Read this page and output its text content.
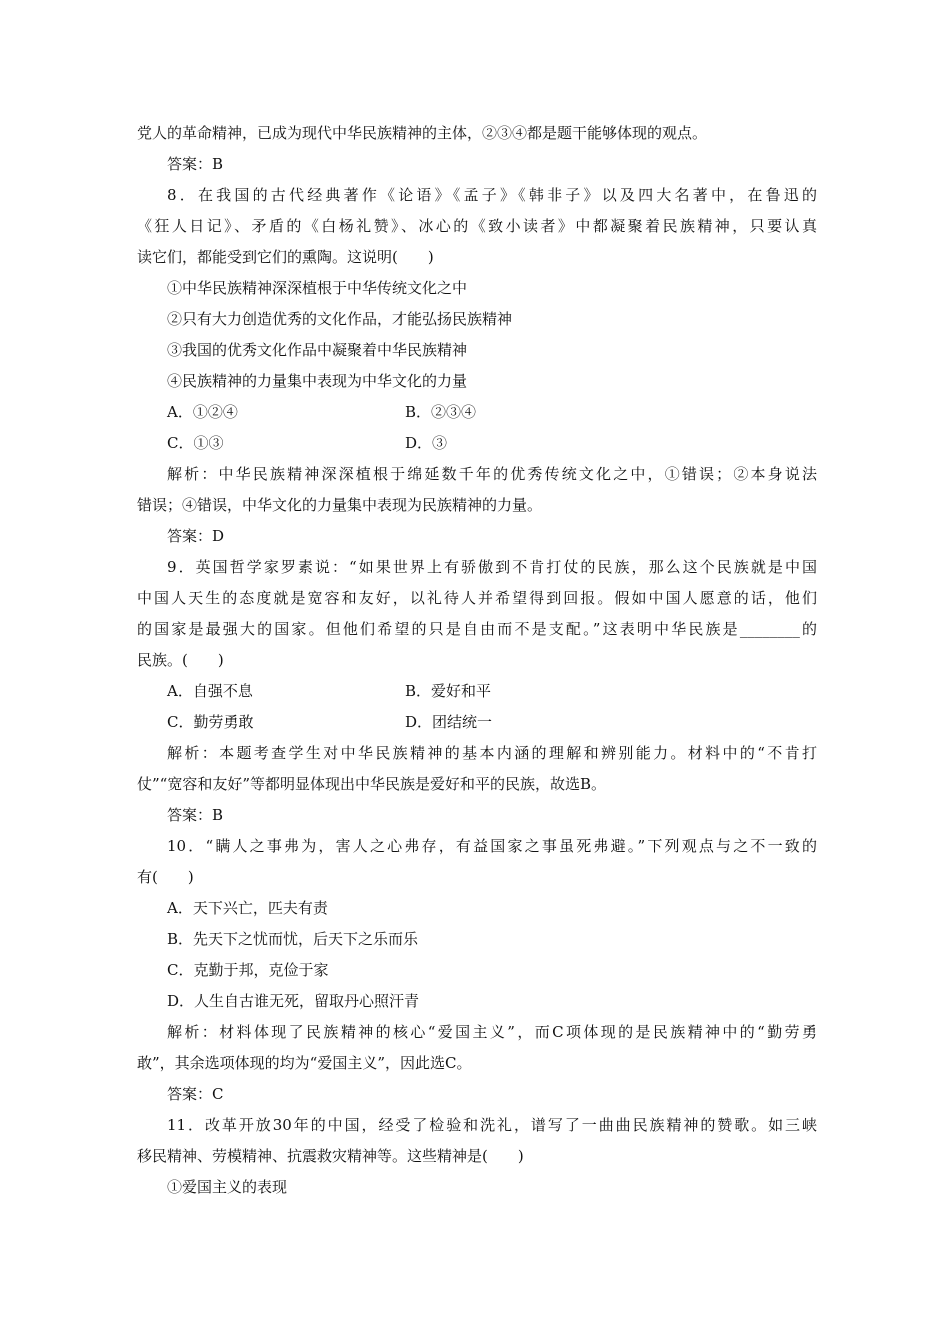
党人的革命精神，已成为现代中华民族精神的主体，②③④都是题干能够体现的观点。
答案：B
8．在我国的古代经典著作《论语》《孟子》《韩非子》以及四大名著中，在鲁迅的
《狂人日记》、矛盾的《白杨礼赞》、冰心的《致小读者》中都凝聚着民族精神，只要认真
读它们，都能受到它们的熏陶。这说明(　　)
①中华民族精神深深植根于中华传统文化之中
②只有大力创造优秀的文化作品，才能弘扬民族精神
③我国的优秀文化作品中凝聚着中华民族精神
④民族精神的力量集中表现为中华文化的力量
A．①②④	B．②③④
C．①③	D．③
解析：中华民族精神深深植根于绵延数千年的优秀传统文化之中，①错误；②本身说法
错误；④错误，中华文化的力量集中表现为民族精神的力量。
答案：D
9．英国哲学家罗素说：“如果世界上有骄傲到不肯打仗的民族，那么这个民族就是中国
中国人天生的态度就是宽容和友好，以礼待人并希望得到回报。假如中国人愿意的话，他们
的国家是最强大的国家。但他们希望的只是自由而不是支配。”这表明中华民族是________的
民族。(　　)
A．自强不息	B．爱好和平
C．勤劳勇敢	D．团结统一
解析：本题考查学生对中华民族精神的基本内涵的理解和辨别能力。材料中的“不肯打
仗”“宽容和友好”等都明显体现出中华民族是爱好和平的民族，故选B。
答案：B
10．“瞒人之事弗为，害人之心弗存，有益国家之事虽死弗避。”下列观点与之不一致的
有(　　)
A．天下兴亡，匹夫有责
B．先天下之忧而忧，后天下之乐而乐
C．克勤于邦，克俭于家
D．人生自古谁无死，留取丹心照汗青
解析：材料体现了民族精神的核心“爱国主义”，而C项体现的是民族精神中的“勤劳勇
敢”，其余选项体现的均为“爱国主义”，因此选C。
答案：C
11．改革开放30年的中国，经受了检验和洗礼，谱写了一曲曲民族精神的赞歌。如三峡
移民精神、劳模精神、抗震救灾精神等。这些精神是(　　)
①爱国主义的表现
